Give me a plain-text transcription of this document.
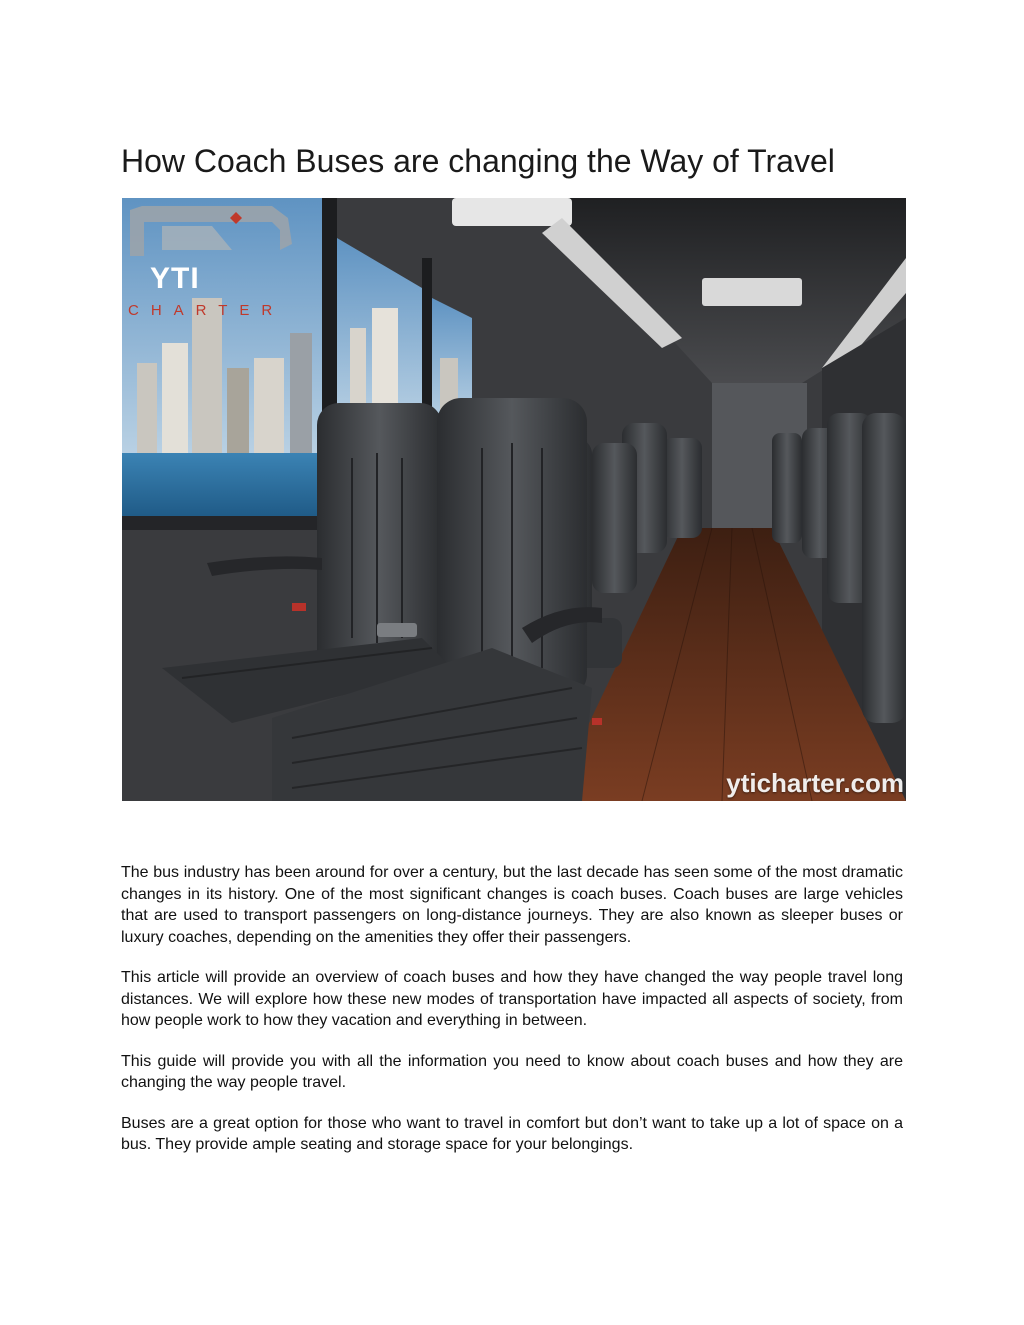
How Coach Buses are changing the Way of Travel
YTI
CHARTER
yticharter.com

The bus industry has been around for over a century, but the last decade has seen some of the most dramatic changes in its history. One of the most significant changes is coach buses. Coach buses are large vehicles that are used to transport passengers on long-distance journeys. They are also known as sleeper buses or luxury coaches, depending on the amenities they offer their passengers.

This article will provide an overview of coach buses and how they have changed the way people travel long distances. We will explore how these new modes of transportation have impacted all aspects of society, from how people work to how they vacation and everything in between.

This guide will provide you with all the information you need to know about coach buses and how they are changing the way people travel.

Buses are a great option for those who want to travel in comfort but don’t want to take up a lot of space on a bus. They provide ample seating and storage space for your belongings.
